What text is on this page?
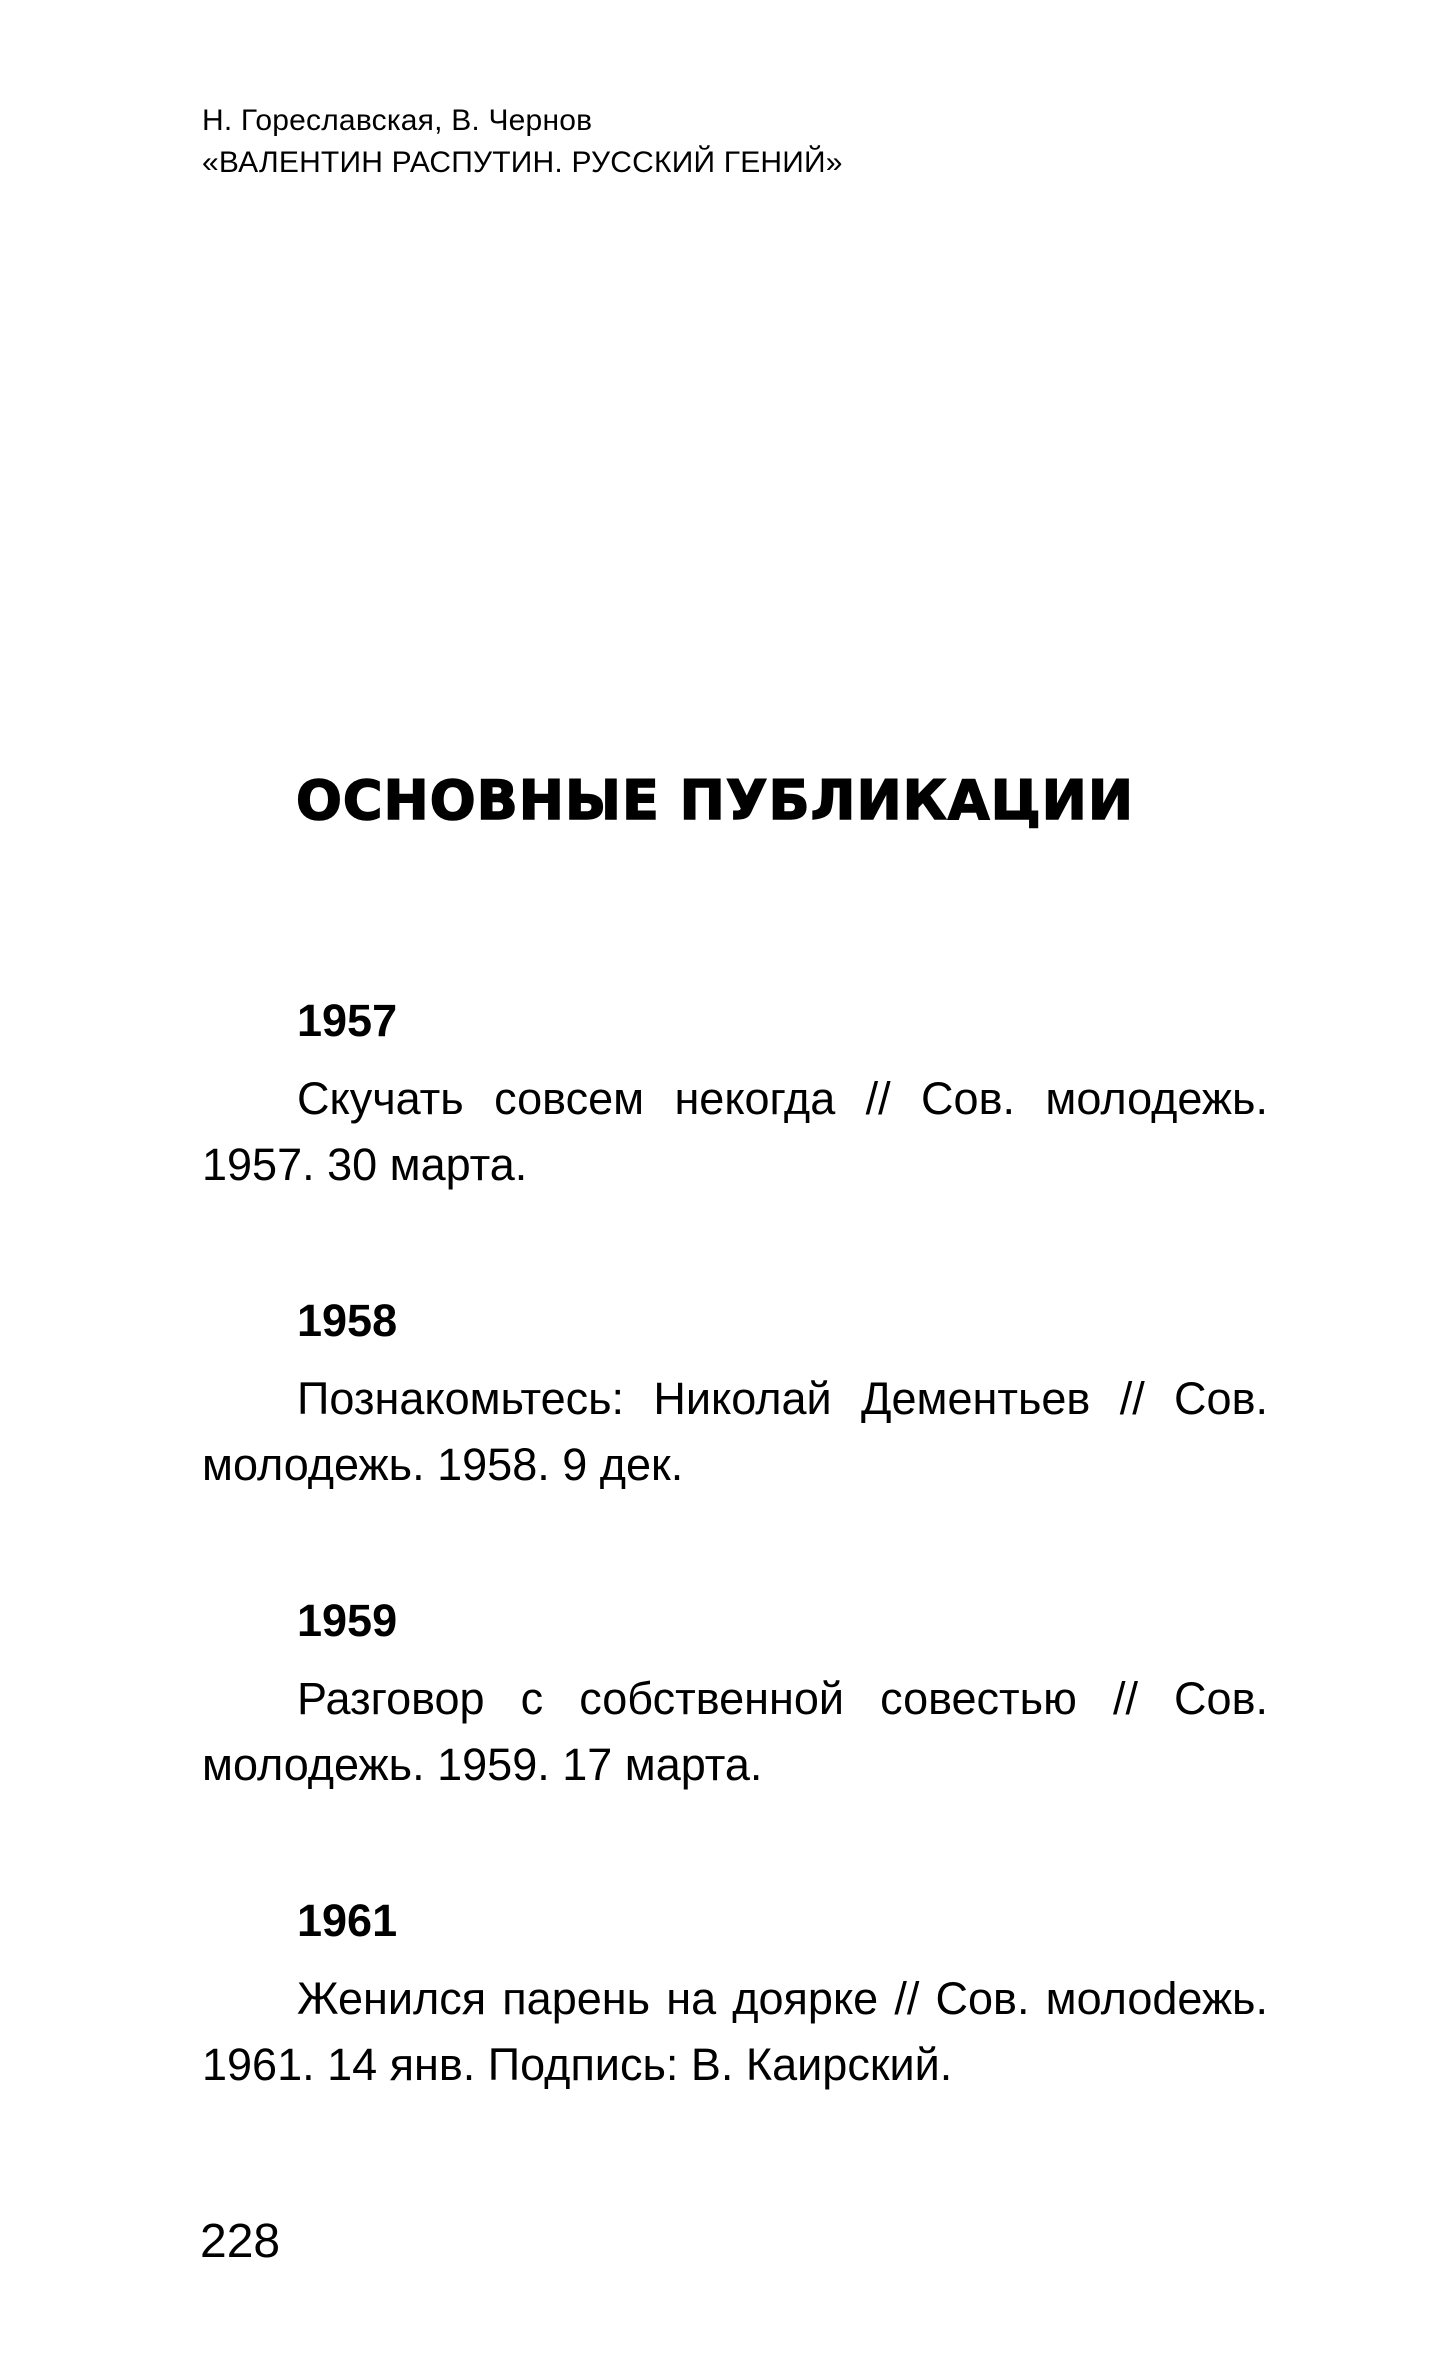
Н. Гореславская, В. Чернов
«ВАЛЕНТИН РАСПУТИН. РУССКИЙ ГЕНИЙ»
ОСНОВНЫЕ ПУБЛИКАЦИИ
1957
Скучать совсем некогда // Сов. молодежь. 1957. 30 марта.
1958
Познакомьтесь: Николай Дементьев // Сов. молодежь. 1958. 9 дек.
1959
Разговор с собственной совестью // Сов. молодежь. 1959. 17 марта.
1961
Женился парень на доярке // Сов. молоdежь. 1961. 14 янв. Подпись: В. Каирский.
228
